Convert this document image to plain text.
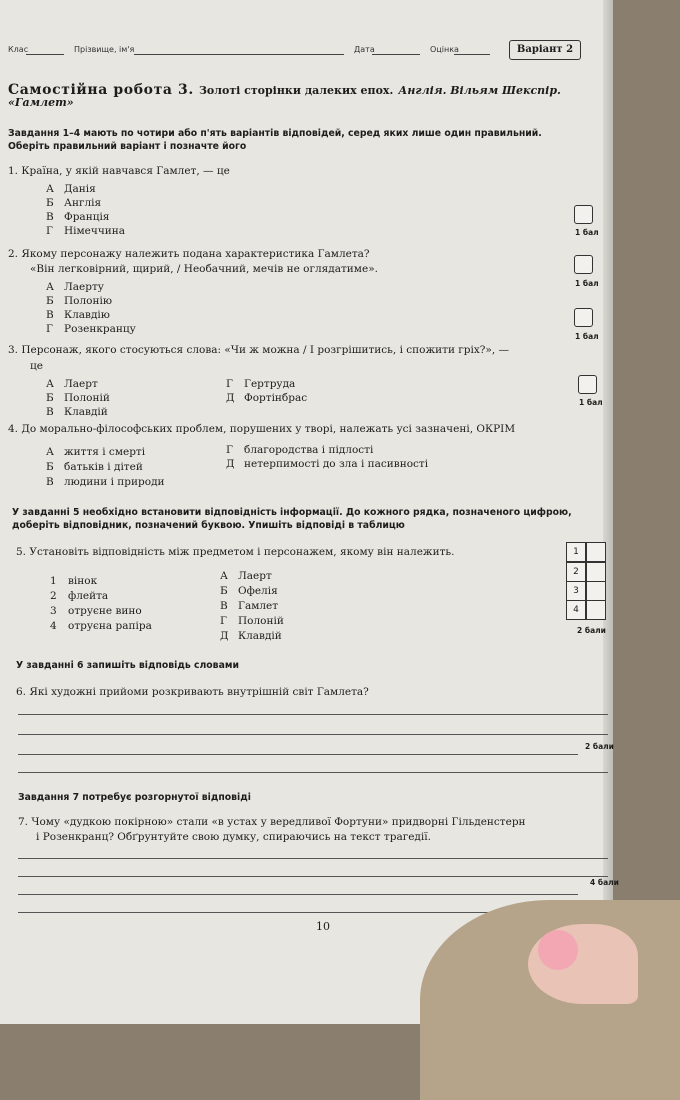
Клас	Прізвище, ім'я	Дата	Оцінка	Варіант 2
Самостійна робота 3. Золоті сторінки далеких епох. Англія. Вільям Шекспір.
«Гамлет»
Завдання 1–4 мають по чотири або п'ять варіантів відповідей, серед яких лише один правильний.
Оберіть правильний варіант і позначте його
1. Країна, у якій навчався Гамлет, — це
А Данія
Б Англія
В Франція
Г Німеччина	1 бал
2. Якому персонажу належить подана характеристика Гамлета?
«Він легковірний, щирий, / Необачний, мечів не оглядатиме».
А Лаерту
Б Полонію
В Клавдію
Г Розенкранцу
1 бал
1 бал
3. Персонаж, якого стосуються слова: «Чи ж можна / І розгрішитись, і спожити гріх?», —
це
А Лаерт
Б Полоній
В Клавдій
Г Гертруда
Д Фортінбрас	1 бал
4. До морально-філософських проблем, порушених у творі, належать усі зазначені, ОКРІМ
А життя і смерті
Б батьків і дітей
В людини і природи
Г благородства і підлості
Д нетерпимості до зла і пасивності
У завданні 5 необхідно встановити відповідність інформації. До кожного рядка, позначеного цифрою,
доберіть відповідник, позначений буквою. Упишіть відповіді в таблицю
5. Установіть відповідність між предметом і персонажем, якому він належить.
1 вінок
2 флейта
3 отруєне вино
4 отруєна рапіра
А Лаерт
Б Офелія
В Гамлет
Г Полоній
Д Клавдій
1
2
3
4
2 бали
У завданні 6 запишіть відповідь словами
6. Які художні прийоми розкривають внутрішній світ Гамлета?
2 бали
Завдання 7 потребує розгорнутої відповіді
7. Чому «дудкою покірною» стали «в устах у вередливої Фортуни» придворні Гільденстерн
і Розенкранц? Обґрунтуйте свою думку, спираючись на текст трагедії.
4 бали
10
